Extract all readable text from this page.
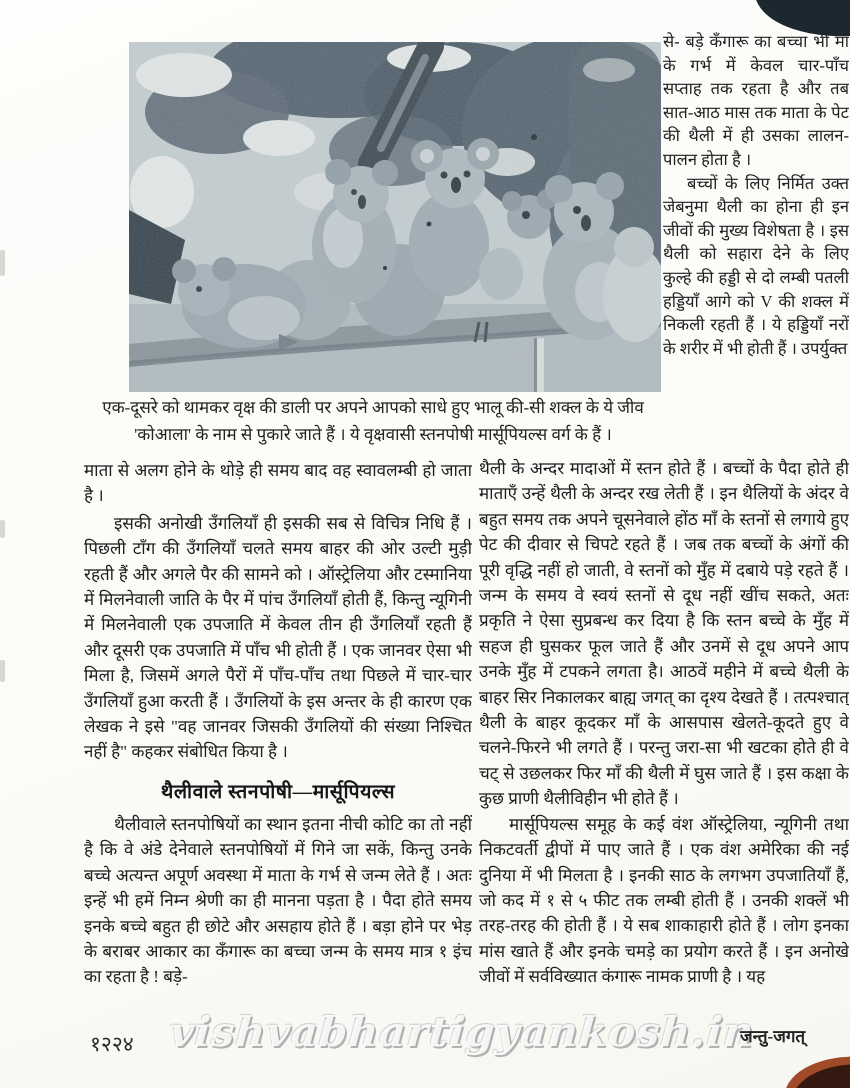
एक-दूसरे को थामकर वृक्ष की डाली पर अपने आपको साधे हुए भालू की-सी शक्ल के ये जीव
'कोआला' के नाम से पुकारे जाते हैं । ये वृक्षवासी स्तनपोषी मार्सूपियल्स वर्ग के हैं ।

से- बड़े कँगारू का बच्चा भी माँ के गर्भ में केवल चार-पाँच सप्ताह तक रहता है और तब सात-आठ मास तक माता के पेट की थैली में ही उसका लालन-पालन होता है ।

बच्चों के लिए निर्मित उक्त जेबनुमा थैली का होना ही इन जीवों की मुख्य विशेषता है । इस थैली को सहारा देने के लिए कुल्हे की हड्डी से दो लम्बी पतली हड्डियाँ आगे को V की शक्ल में निकली रहती हैं । ये हड्डियाँ नरों के शरीर में भी होती हैं । उपर्युक्त

माता से अलग होने के थोड़े ही समय बाद वह स्वावलम्बी हो जाता है ।

इसकी अनोखी उँगलियाँ ही इसकी सब से विचित्र निधि हैं । पिछली टाँग की उँगलियाँ चलते समय बाहर की ओर उल्टी मुड़ी रहती हैं और अगले पैर की सामने को । ऑस्ट्रेलिया और टस्मानिया में मिलनेवाली जाति के पैर में पांच उँगलियाँ होती हैं, किन्तु न्यूगिनी में मिलनेवाली एक उपजाति में केवल तीन ही उँगलियाँ रहती हैं और दूसरी एक उपजाति में पाँच भी होती हैं । एक जानवर ऐसा भी मिला है, जिसमें अगले पैरों में पाँच-पाँच तथा पिछले में चार-चार उँगलियाँ हुआ करती हैं । उँगलियों के इस अन्तर के ही कारण एक लेखक ने इसे "वह जानवर जिसकी उँगलियों की संख्या निश्चित नहीं है" कहकर संबोधित किया है ।

थैलीवाले स्तनपोषी—मार्सूपियल्स

थैलीवाले स्तनपोषियों का स्थान इतना नीची कोटि का तो नहीं है कि वे अंडे देनेवाले स्तनपोषियों में गिने जा सकें, किन्तु उनके बच्चे अत्यन्त अपूर्ण अवस्था में माता के गर्भ से जन्म लेते हैं । अतः इन्हें भी हमें निम्न श्रेणी का ही मानना पड़ता है । पैदा होते समय इनके बच्चे बहुत ही छोटे और असहाय होते हैं । बड़ा होने पर भेड़ के बराबर आकार का कँगारू का बच्चा जन्म के समय मात्र १ इंच का रहता है ! बड़े-

थैली के अन्दर मादाओं में स्तन होते हैं । बच्चों के पैदा होते ही माताएँ उन्हें थैली के अन्दर रख लेती हैं । इन थैलियों के अंदर वे बहुत समय तक अपने चूसनेवाले होंठ माँ के स्तनों से लगाये हुए पेट की दीवार से चिपटे रहते हैं । जब तक बच्चों के अंगों की पूरी वृद्धि नहीं हो जाती, वे स्तनों को मुँह में दबाये पड़े रहते हैं । जन्म के समय वे स्वयं स्तनों से दूध नहीं खींच सकते, अतः प्रकृति ने ऐसा सुप्रबन्ध कर दिया है कि स्तन बच्चे के मुँह में सहज ही घुसकर फूल जाते हैं और उनमें से दूध अपने आप उनके मुँह में टपकने लगता है। आठवें महीने में बच्चे थैली के बाहर सिर निकालकर बाह्य जगत् का दृश्य देखते हैं । तत्पश्चात् थैली के बाहर कूदकर माँ के आसपास खेलते-कूदते हुए वे चलने-फिरने भी लगते हैं । परन्तु जरा-सा भी खटका होते ही वे चट् से उछलकर फिर माँ की थैली में घुस जाते हैं । इस कक्षा के कुछ प्राणी थैलीविहीन भी होते हैं ।

मार्सूपियल्स समूह के कई वंश ऑस्ट्रेलिया, न्यूगिनी तथा निकटवर्ती द्वीपों में पाए जाते हैं । एक वंश अमेरिका की नई दुनिया में भी मिलता है । इनकी साठ के लगभग उपजातियाँ हैं, जो कद में १ से ५ फीट तक लम्बी होती हैं । उनकी शक्लें भी तरह-तरह की होती हैं । ये सब शाकाहारी होते हैं । लोग इनका मांस खाते हैं और इनके चमड़े का प्रयोग करते हैं । इन अनोखे जीवों में सर्वविख्यात कंगारू नामक प्राणी है । यह

१२२४ vishvabhartigyankosh.in
जन्तु-जगत्
